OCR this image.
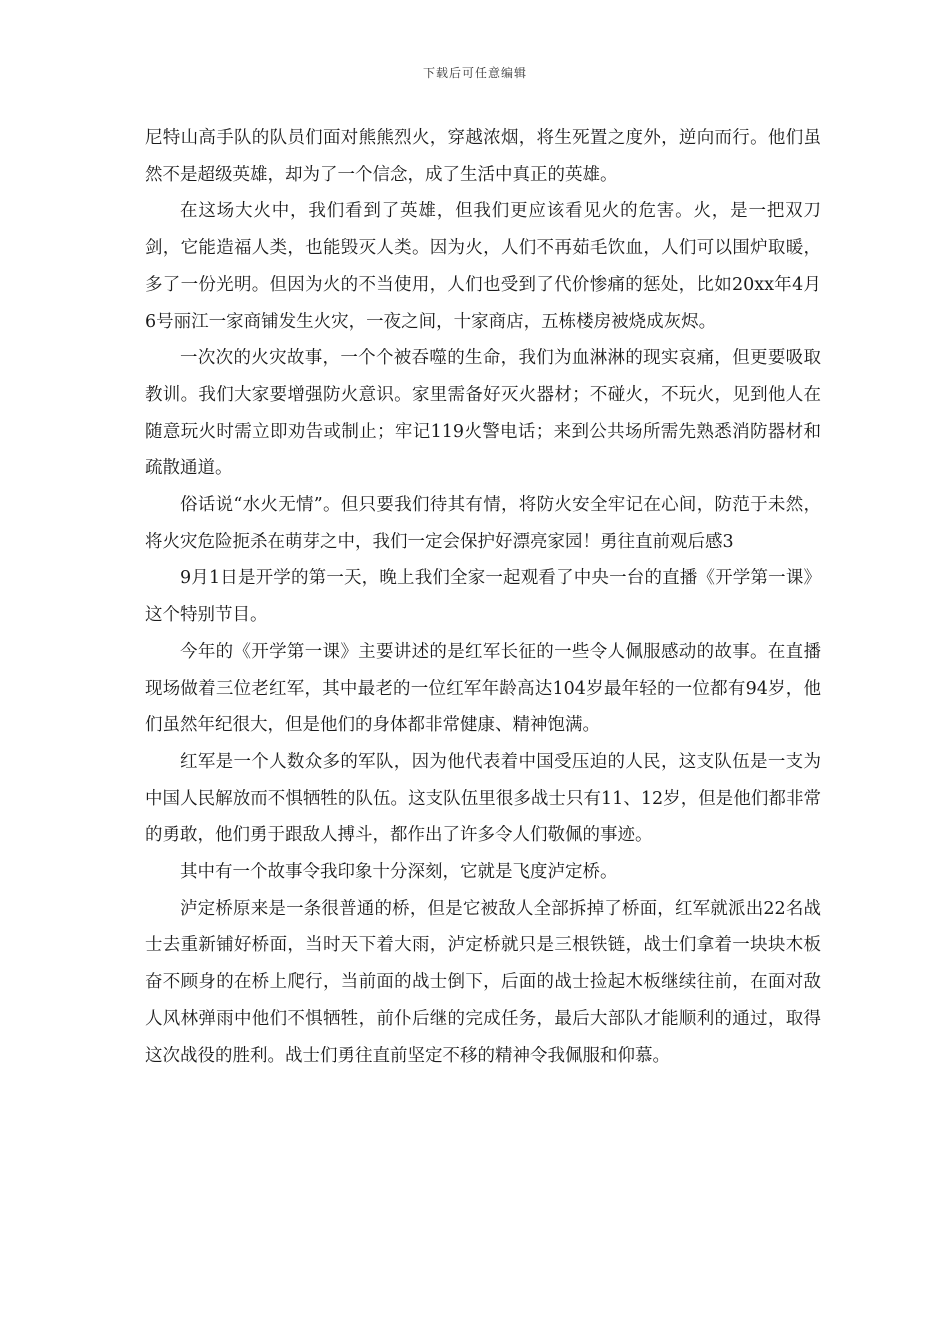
下载后可任意编辑

尼特山高手队的队员们面对熊熊烈火，穿越浓烟，将生死置之度外，逆向而行。他们虽然不是超级英雄，却为了一个信念，成了生活中真正的英雄。

在这场大火中，我们看到了英雄，但我们更应该看见火的危害。火，是一把双刀剑，它能造福人类，也能毁灭人类。因为火，人们不再茹毛饮血，人们可以围炉取暖，多了一份光明。但因为火的不当使用，人们也受到了代价惨痛的惩处，比如20xx年4月6号丽江一家商铺发生火灾，一夜之间，十家商店，五栋楼房被烧成灰烬。

一次次的火灾故事，一个个被吞噬的生命，我们为血淋淋的现实哀痛，但更要吸取教训。我们大家要增强防火意识。家里需备好灭火器材；不碰火，不玩火，见到他人在随意玩火时需立即劝告或制止；牢记119火警电话；来到公共场所需先熟悉消防器材和疏散通道。

俗话说“水火无情”。但只要我们待其有情，将防火安全牢记在心间，防范于未然，将火灾危险扼杀在萌芽之中，我们一定会保护好漂亮家园！勇往直前观后感3

9月1日是开学的第一天，晚上我们全家一起观看了中央一台的直播《开学第一课》这个特别节目。

今年的《开学第一课》主要讲述的是红军长征的一些令人佩服感动的故事。在直播现场做着三位老红军，其中最老的一位红军年龄高达104岁最年轻的一位都有94岁，他们虽然年纪很大，但是他们的身体都非常健康、精神饱满。

红军是一个人数众多的军队，因为他代表着中国受压迫的人民，这支队伍是一支为中国人民解放而不惧牺牲的队伍。这支队伍里很多战士只有11、12岁，但是他们都非常的勇敢，他们勇于跟敌人搏斗，都作出了许多令人们敬佩的事迹。

其中有一个故事令我印象十分深刻，它就是飞度泸定桥。

泸定桥原来是一条很普通的桥，但是它被敌人全部拆掉了桥面，红军就派出22名战士去重新铺好桥面，当时天下着大雨，泸定桥就只是三根铁链，战士们拿着一块块木板奋不顾身的在桥上爬行，当前面的战士倒下，后面的战士捡起木板继续往前，在面对敌人风林弹雨中他们不惧牺牲，前仆后继的完成任务，最后大部队才能顺利的通过，取得这次战役的胜利。战士们勇往直前坚定不移的精神令我佩服和仰慕。
